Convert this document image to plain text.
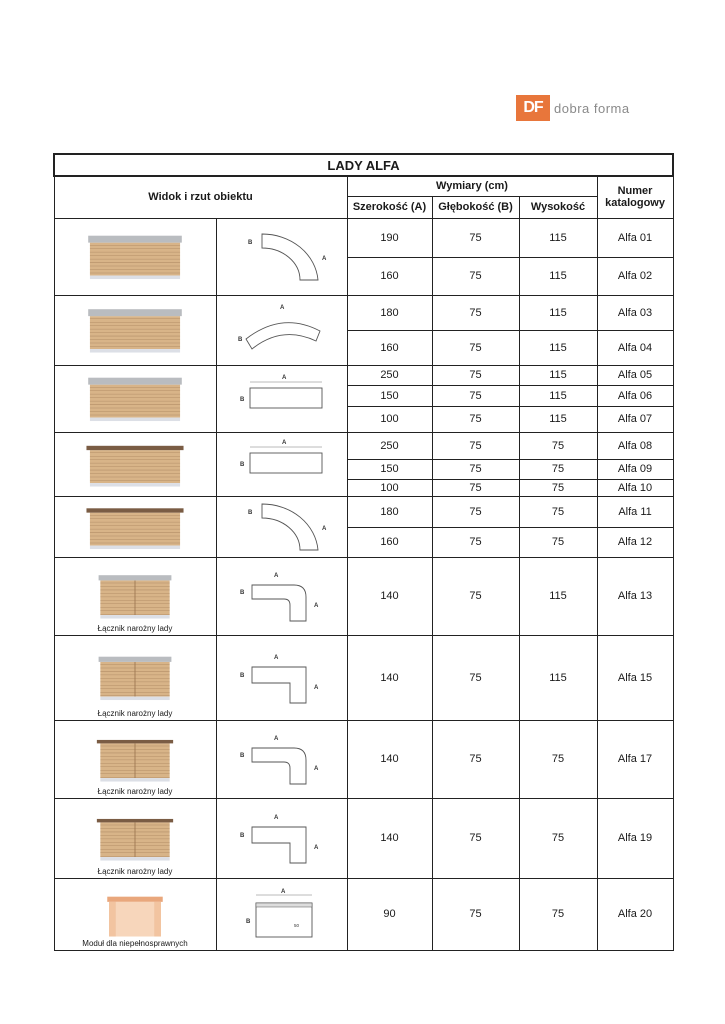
DF dobra forma
LADY ALFA					
Widok i rzut obiektu		Wymiary (cm)			Numer
katalogowy
		Szerokość (A)	Głębokość (B)	Wysokość	

B
A	190	75	115	Alfa 01
		160	75	115	Alfa 02

A
B	180	75	115	Alfa 03
		160	75	115	Alfa 04

A
B	250	75	115	Alfa 05
		150	75	115	Alfa 06
		100	75	115	Alfa 07

A
B	250	75	75	Alfa 08
		150	75	75	Alfa 09
		100	75	75	Alfa 10

B
A	180	75	75	Alfa 11
		160	75	75	Alfa 12

Łącznik narożny lady	A
B
A	140	75	115	Alfa 13

Łącznik narożny lady	A
B
A	140	75	115	Alfa 15

Łącznik narożny lady	A
B
A	140	75	75	Alfa 17

Łącznik narożny lady	A
B
A	140	75	75	Alfa 19

Moduł dla niepełnosprawnych	A
B
50	90	75	75	Alfa 20
